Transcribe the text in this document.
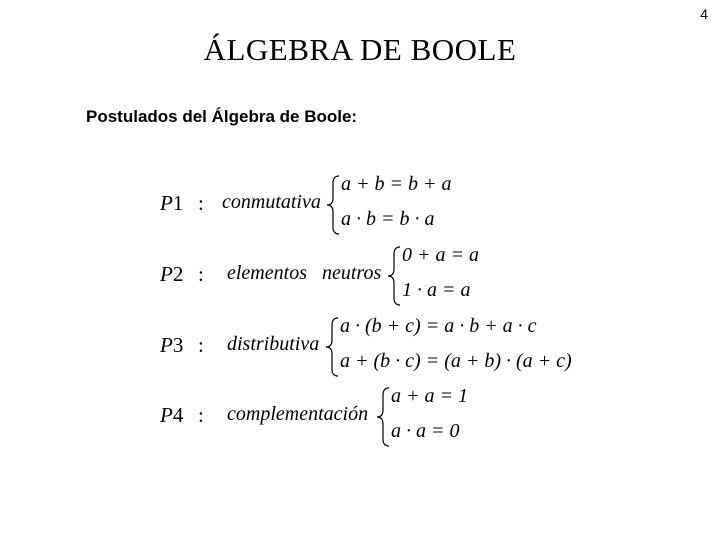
4
ÁLGEBRA DE BOOLE
Postulados del Álgebra de Boole:
P1 : conmutativa
a + b = b + a
a · b = b · a
P2 : elementos   neutros
0 + a = a
1 · a = a
P3 : distributiva
a · (b + c) = a · b + a · c
a + (b · c) = (a + b) · (a + c)
P4 : complementación
a + a = 1
a · a = 0
